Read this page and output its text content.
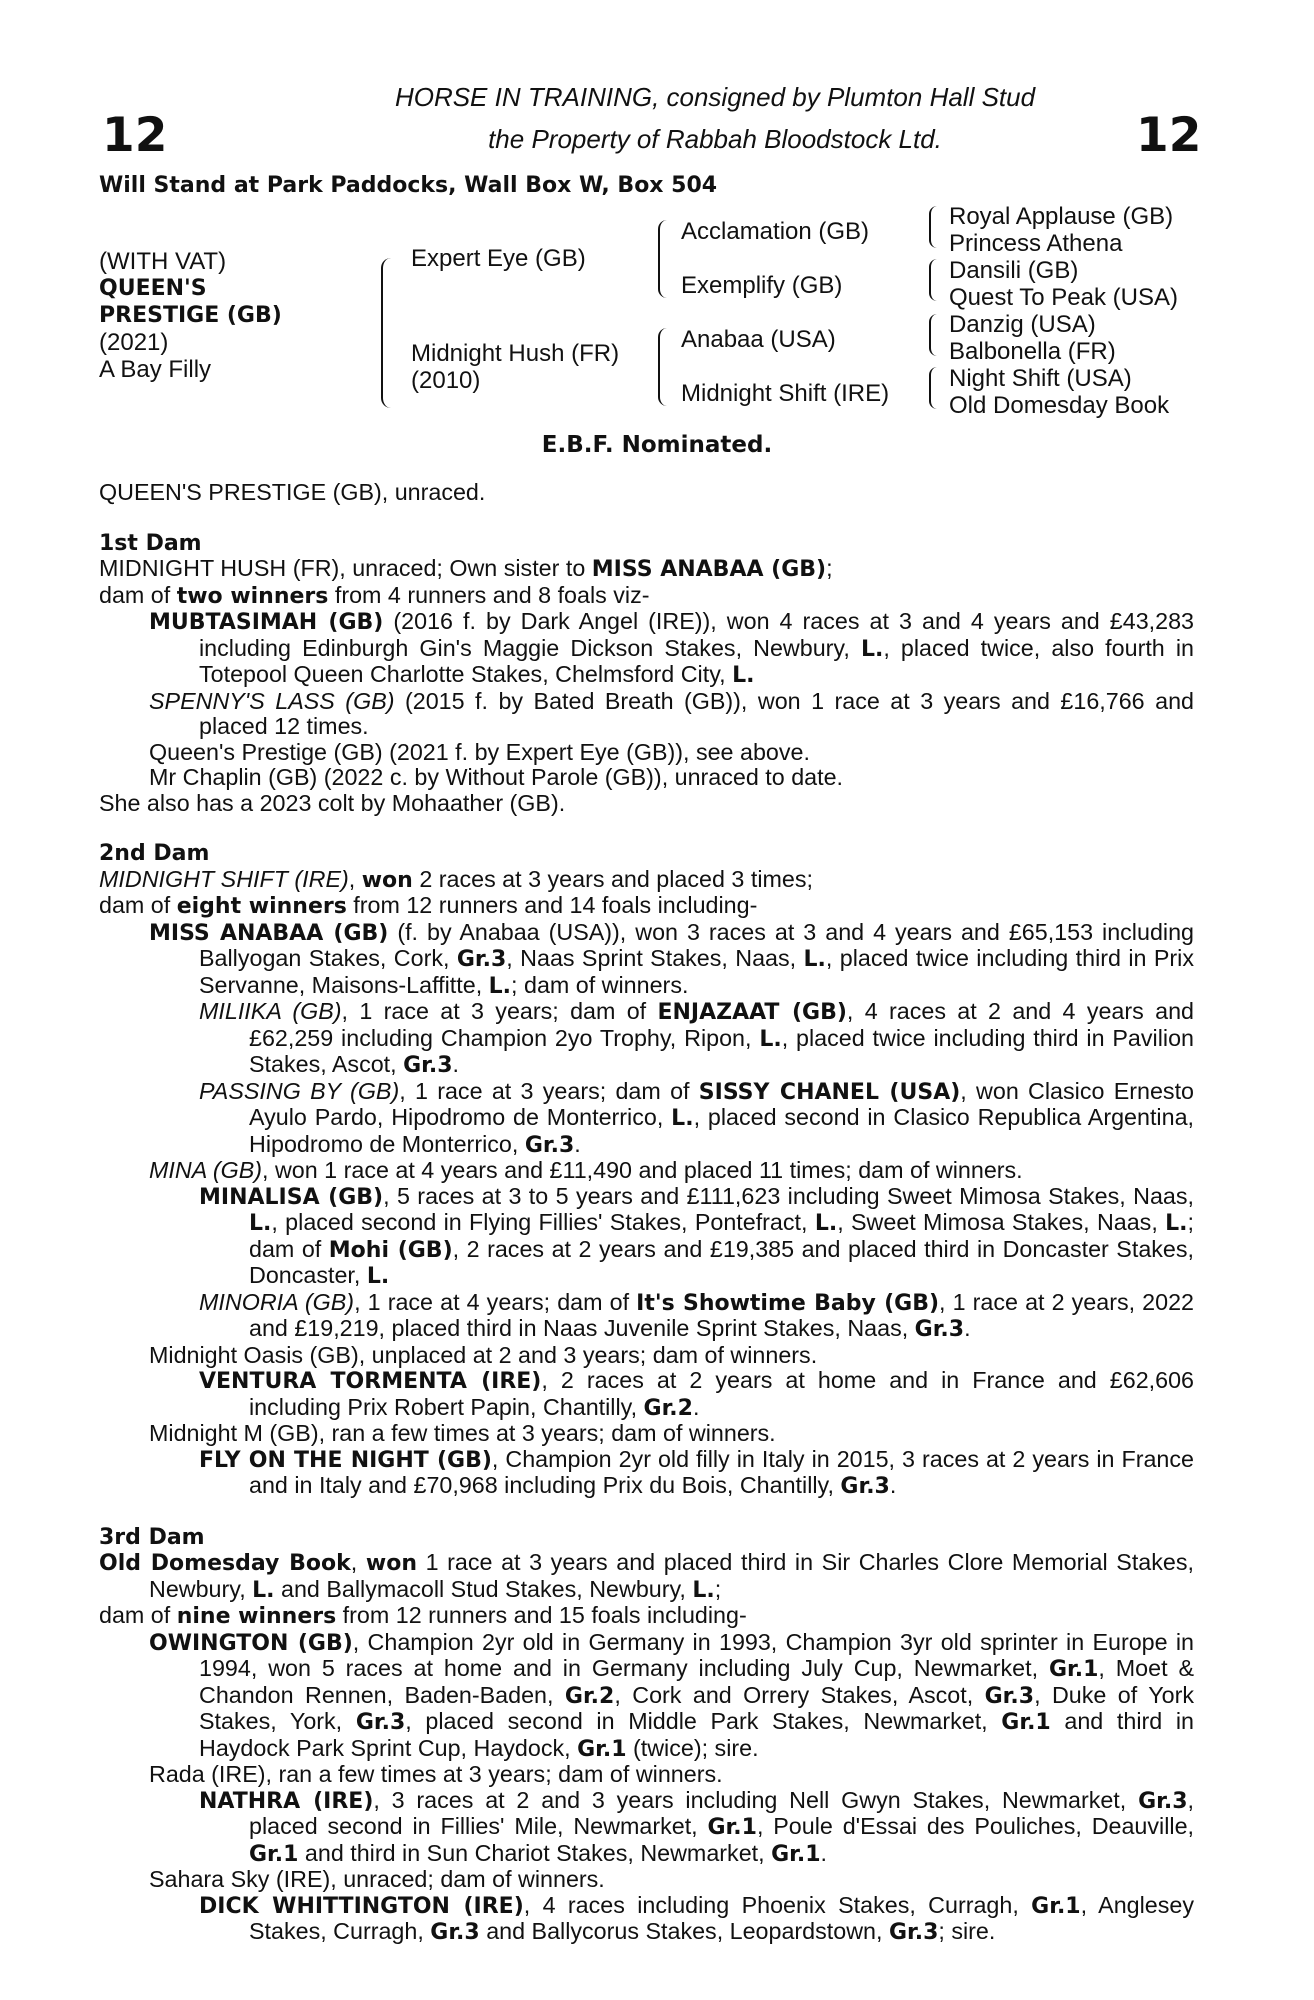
12	12
HORSE IN TRAINING, consigned by Plumton Hall Stud
the Property of Rabbah Bloodstock Ltd.
Will Stand at Park Paddocks, Wall Box W, Box 504
(WITH VAT)
QUEEN'S
PRESTIGE (GB)
(2021)
A Bay Filly
Expert Eye (GB)
Midnight Hush (FR)
(2010)
Acclamation (GB)
Exemplify (GB)
Anabaa (USA)
Midnight Shift (IRE)
Royal Applause (GB)
Princess Athena
Dansili (GB)
Quest To Peak (USA)
Danzig (USA)
Balbonella (FR)
Night Shift (USA)
Old Domesday Book
E.B.F. Nominated.

QUEEN'S PRESTIGE (GB), unraced.

1st Dam

MIDNIGHT HUSH (FR), unraced; Own sister to MISS ANABAA (GB);

dam of two winners from 4 runners and 8 foals viz-

MUBTASIMAH (GB) (2016 f. by Dark Angel (IRE)), won 4 races at 3 and 4 years and £43,283 including Edinburgh Gin's Maggie Dickson Stakes, Newbury, L., placed twice, also fourth in Totepool Queen Charlotte Stakes, Chelmsford City, L.

SPENNY'S LASS (GB) (2015 f. by Bated Breath (GB)), won 1 race at 3 years and £16,766 and placed 12 times.

Queen's Prestige (GB) (2021 f. by Expert Eye (GB)), see above.

Mr Chaplin (GB) (2022 c. by Without Parole (GB)), unraced to date.

She also has a 2023 colt by Mohaather (GB).

2nd Dam

MIDNIGHT SHIFT (IRE), won 2 races at 3 years and placed 3 times;

dam of eight winners from 12 runners and 14 foals including-

MISS ANABAA (GB) (f. by Anabaa (USA)), won 3 races at 3 and 4 years and £65,153 including Ballyogan Stakes, Cork, Gr.3, Naas Sprint Stakes, Naas, L., placed twice including third in Prix Servanne, Maisons-Laffitte, L.; dam of winners.

MILIIKA (GB), 1 race at 3 years; dam of ENJAZAAT (GB), 4 races at 2 and 4 years and £62,259 including Champion 2yo Trophy, Ripon, L., placed twice including third in Pavilion Stakes, Ascot, Gr.3.

PASSING BY (GB), 1 race at 3 years; dam of SISSY CHANEL (USA), won Clasico Ernesto Ayulo Pardo, Hipodromo de Monterrico, L., placed second in Clasico Republica Argentina, Hipodromo de Monterrico, Gr.3.

MINA (GB), won 1 race at 4 years and £11,490 and placed 11 times; dam of winners.

MINALISA (GB), 5 races at 3 to 5 years and £111,623 including Sweet Mimosa Stakes, Naas, L., placed second in Flying Fillies' Stakes, Pontefract, L., Sweet Mimosa Stakes, Naas, L.; dam of Mohi (GB), 2 races at 2 years and £19,385 and placed third in Doncaster Stakes, Doncaster, L.

MINORIA (GB), 1 race at 4 years; dam of It's Showtime Baby (GB), 1 race at 2 years, 2022 and £19,219, placed third in Naas Juvenile Sprint Stakes, Naas, Gr.3.

Midnight Oasis (GB), unplaced at 2 and 3 years; dam of winners.

VENTURA TORMENTA (IRE), 2 races at 2 years at home and in France and £62,606 including Prix Robert Papin, Chantilly, Gr.2.

Midnight M (GB), ran a few times at 3 years; dam of winners.

FLY ON THE NIGHT (GB), Champion 2yr old filly in Italy in 2015, 3 races at 2 years in France and in Italy and £70,968 including Prix du Bois, Chantilly, Gr.3.

3rd Dam

Old Domesday Book, won 1 race at 3 years and placed third in Sir Charles Clore Memorial Stakes, Newbury, L. and Ballymacoll Stud Stakes, Newbury, L.;

dam of nine winners from 12 runners and 15 foals including-

OWINGTON (GB), Champion 2yr old in Germany in 1993, Champion 3yr old sprinter in Europe in 1994, won 5 races at home and in Germany including July Cup, Newmarket, Gr.1, Moet & Chandon Rennen, Baden-Baden, Gr.2, Cork and Orrery Stakes, Ascot, Gr.3, Duke of York Stakes, York, Gr.3, placed second in Middle Park Stakes, Newmarket, Gr.1 and third in Haydock Park Sprint Cup, Haydock, Gr.1 (twice); sire.

Rada (IRE), ran a few times at 3 years; dam of winners.

NATHRA (IRE), 3 races at 2 and 3 years including Nell Gwyn Stakes, Newmarket, Gr.3, placed second in Fillies' Mile, Newmarket, Gr.1, Poule d'Essai des Pouliches, Deauville, Gr.1 and third in Sun Chariot Stakes, Newmarket, Gr.1.

Sahara Sky (IRE), unraced; dam of winners.

DICK WHITTINGTON (IRE), 4 races including Phoenix Stakes, Curragh, Gr.1, Anglesey Stakes, Curragh, Gr.3 and Ballycorus Stakes, Leopardstown, Gr.3; sire.
